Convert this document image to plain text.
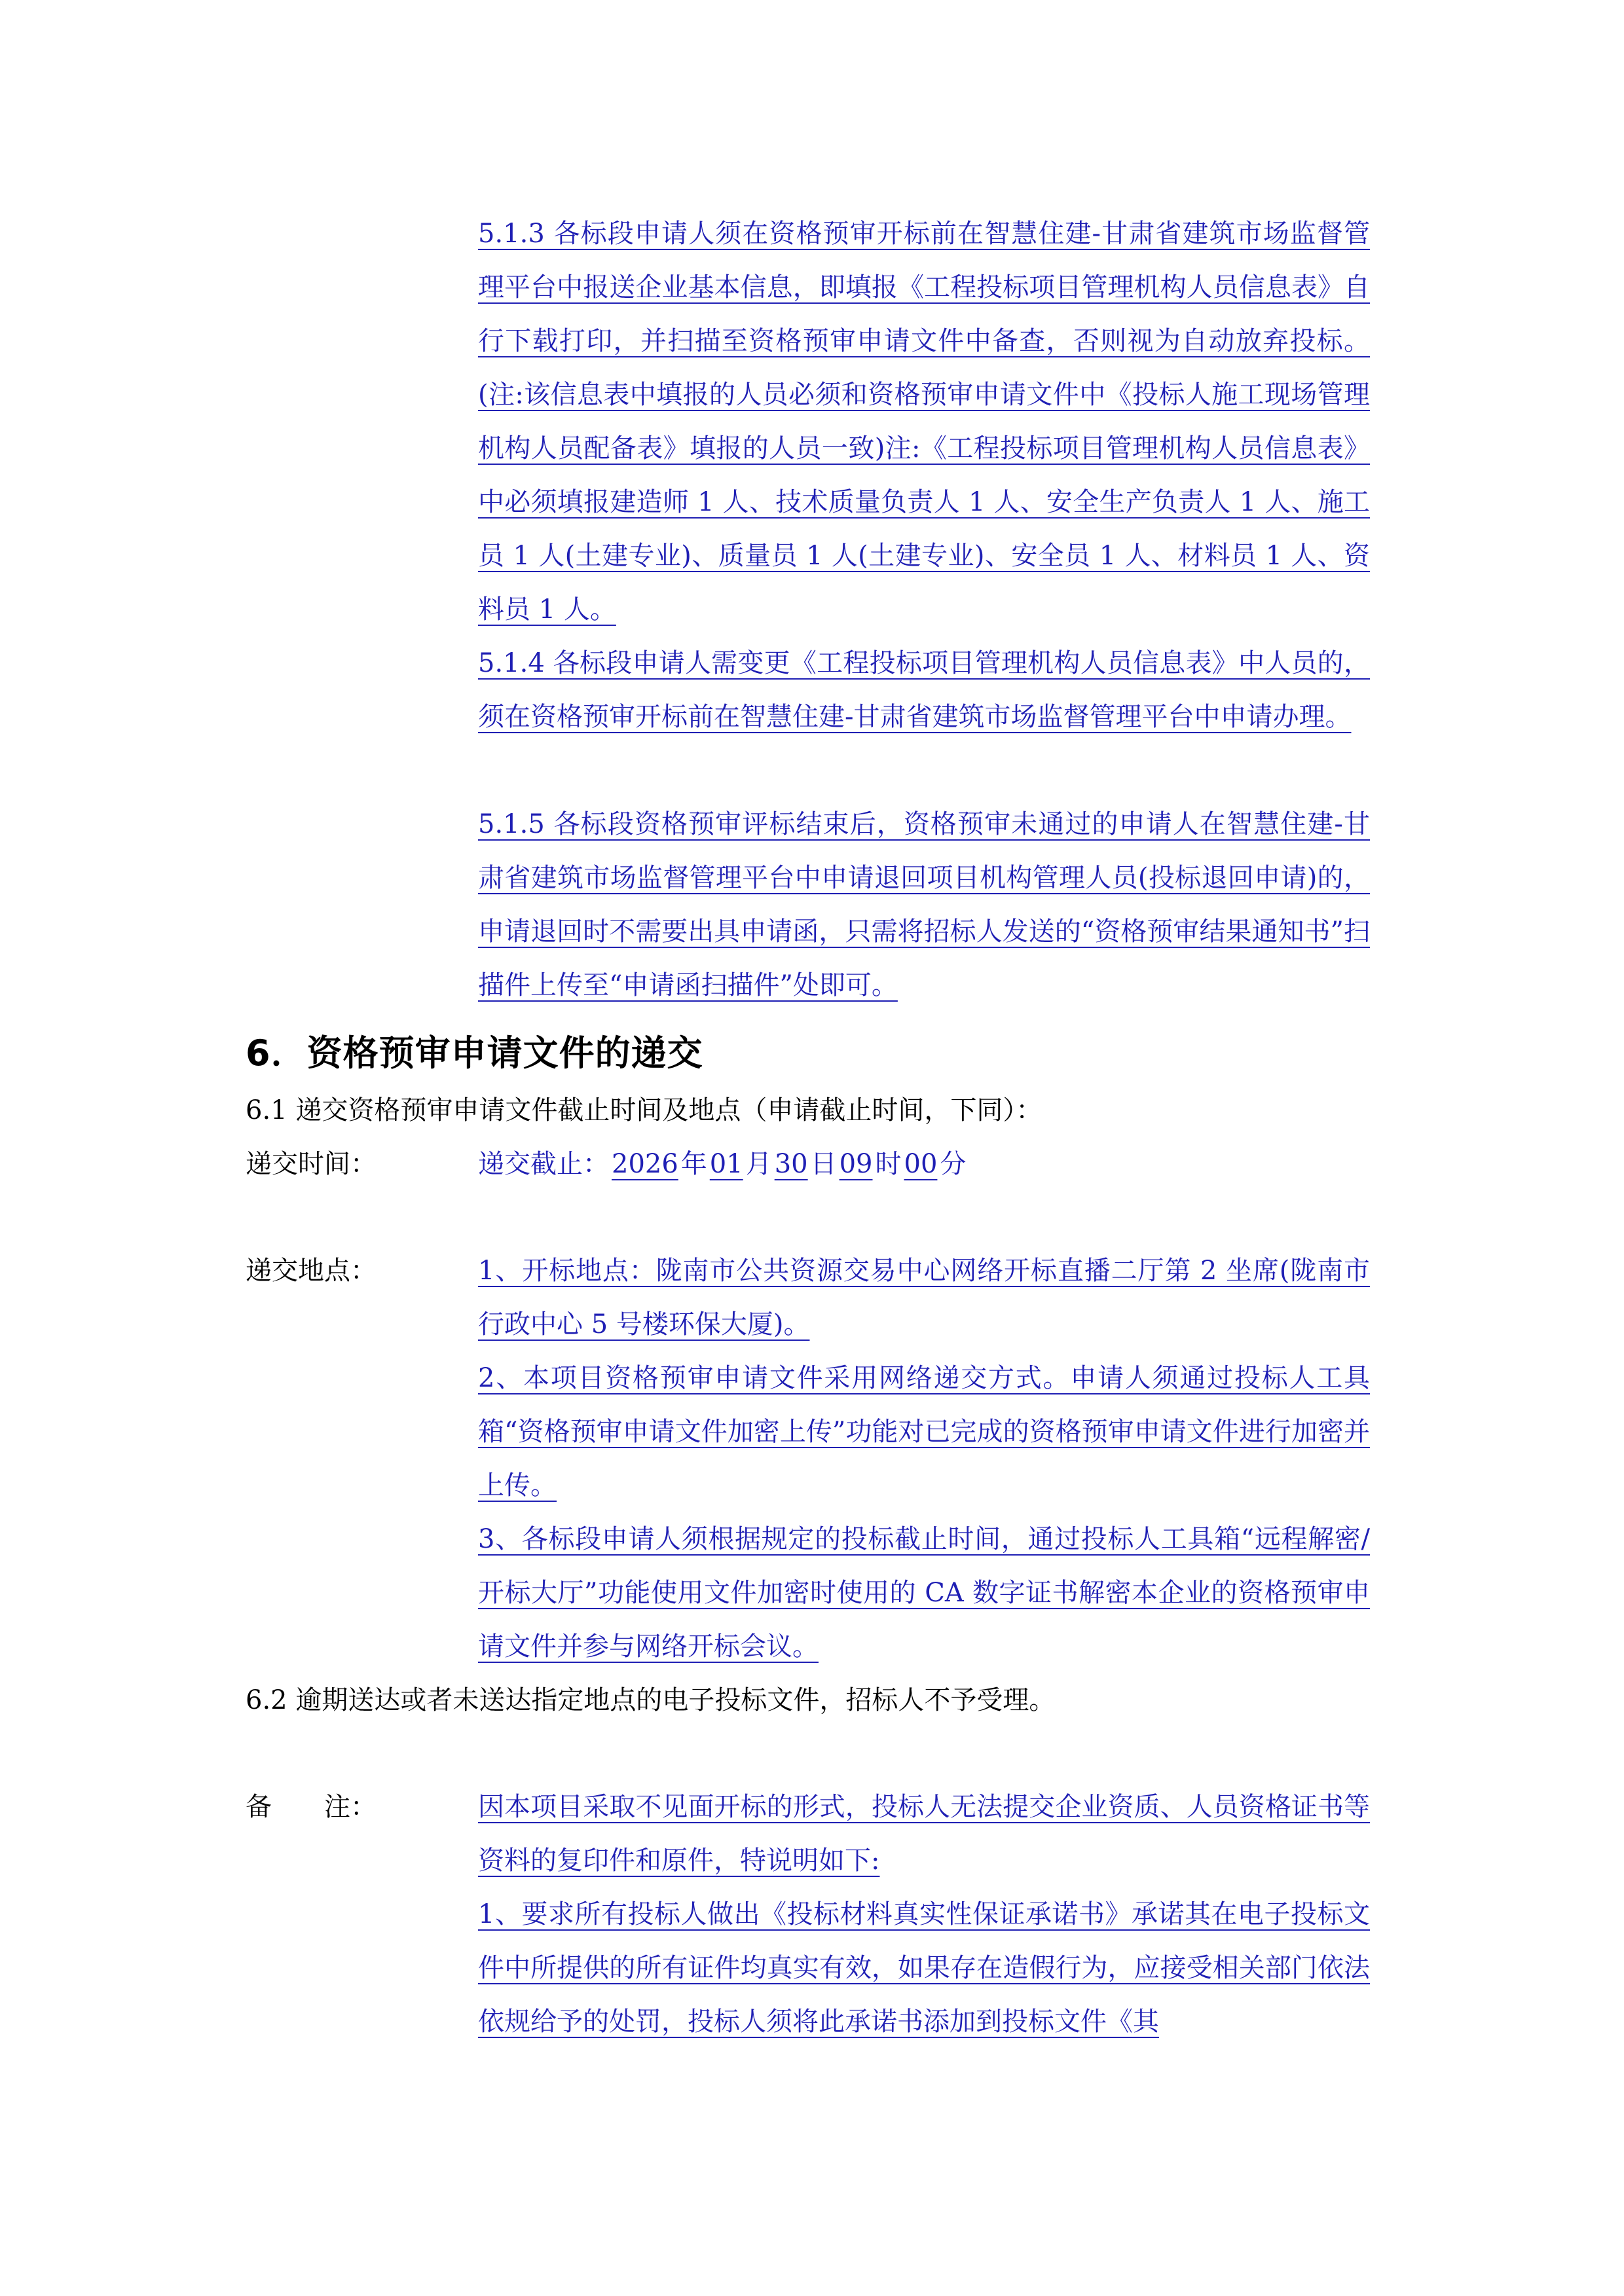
5.1.3 各标段申请人须在资格预审开标前在智慧住建-甘肃省建筑市场监督管理平台中报送企业基本信息，即填报《工程投标项目管理机构人员信息表》自行下载打印，并扫描至资格预审申请文件中备查，否则视为自动放弃投标。(注:该信息表中填报的人员必须和资格预审申请文件中《投标人施工现场管理机构人员配备表》填报的人员一致)注:《工程投标项目管理机构人员信息表》中必须填报建造师 1 人、技术质量负责人 1 人、安全生产负责人 1 人、施工员 1 人(土建专业)、质量员 1 人(土建专业)、安全员 1 人、材料员 1 人、资料员 1 人。
5.1.4 各标段申请人需变更《工程投标项目管理机构人员信息表》中人员的，须在资格预审开标前在智慧住建-甘肃省建筑市场监督管理平台中申请办理。
5.1.5 各标段资格预审评标结束后，资格预审未通过的申请人在智慧住建-甘肃省建筑市场监督管理平台中申请退回项目机构管理人员(投标退回申请)的，申请退回时不需要出具申请函，只需将招标人发送的“资格预审结果通知书”扫描件上传至“申请函扫描件”处即可。
6．资格预审申请文件的递交
6.1 递交资格预审申请文件截止时间及地点（申请截止时间，下同）：
递交时间：	递交截止： 2026 年 01 月 30 日 09 时 00 分
递交地点：	1、开标地点：陇南市公共资源交易中心网络开标直播二厅第 2 坐席(陇南市行政中心 5 号楼环保大厦)。
2、本项目资格预审申请文件采用网络递交方式。申请人须通过投标人工具箱“资格预审申请文件加密上传”功能对已完成的资格预审申请文件进行加密并上传。
3、各标段申请人须根据规定的投标截止时间，通过投标人工具箱“远程解密/开标大厅”功能使用文件加密时使用的 CA 数字证书解密本企业的资格预审申请文件并参与网络开标会议。
6.2 逾期送达或者未送达指定地点的电子投标文件，招标人不予受理。
备　　注：	因本项目采取不见面开标的形式，投标人无法提交企业资质、人员资格证书等资料的复印件和原件，特说明如下:
1、要求所有投标人做出《投标材料真实性保证承诺书》承诺其在电子投标文件中所提供的所有证件均真实有效，如果存在造假行为，应接受相关部门依法依规给予的处罚，投标人须将此承诺书添加到投标文件《其
